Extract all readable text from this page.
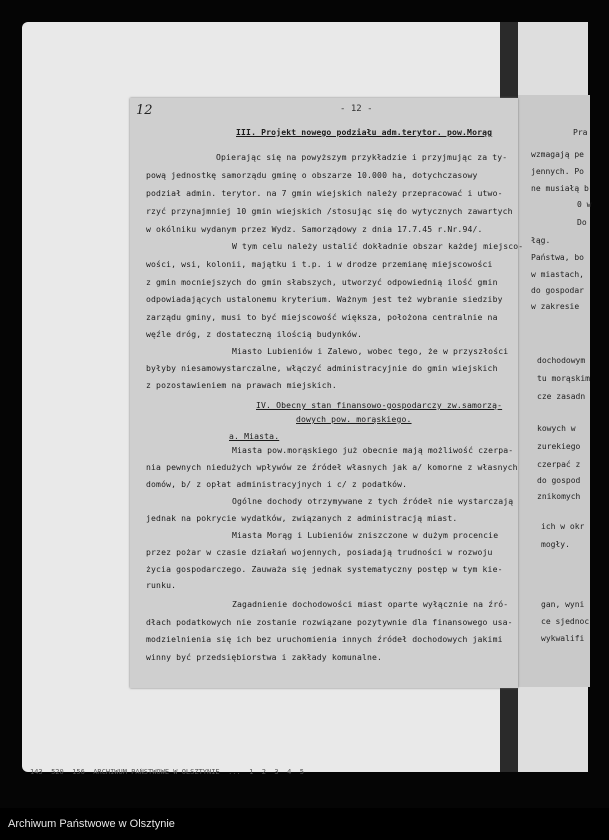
12	- 12 -
III. Projekt nowego podziału adm.terytor. pow.Morąg
Opierając się na powyższym przykładzie i przyjmując za ty-
pową jednostkę samorządu gminę o obszarze 10.000 ha, dotychczasowy
podział admin. terytor. na 7 gmin wiejskich należy przepracować i utwo-
rzyć przynajmniej 10 gmin wiejskich /stosując się do wytycznych zawartych
w okólniku wydanym przez Wydz. Samorządowy z dnia 17.7.45 r.Nr.94/.
W tym celu należy ustalić dokładnie obszar każdej miejsco-
wości, wsi, kolonii, majątku i t.p. i w drodze przemianę miejscowości
z gmin mocniejszych do gmin słabszych, utworzyć odpowiednią ilość gmin
odpowiadających ustalonemu kryterium. Ważnym jest też wybranie siedziby
zarządu gminy, musi to być miejscowość większa, położona centralnie na
węźle dróg, z dostateczną ilością budynków.
Miasto Lubieniów i Zalewo, wobec tego, że w przyszłości
byłyby niesamowystarczalne, włączyć administracyjnie do gmin wiejskich
z pozostawieniem na prawach miejskich.
IV. Obecny stan finansowo-gospodarczy zw.samorzą-
dowych pow. morąskiego.
a. Miasta.
Miasta pow.morąskiego już obecnie mają możliwość czerpa-
nia pewnych niedużych wpływów ze źródeł własnych jak a/ komorne z własnych
domów, b/ z opłat administracyjnych i c/ z podatków.
Ogólne dochody otrzymywane z tych źródeł nie wystarczają
jednak na pokrycie wydatków, związanych z administracją miast.
Miasta Morąg i Lubieniów zniszczone w dużym procencie
przez pożar w czasie działań wojennych, posiadają trudności w rozwoju
życia gospodarczego. Zauważa się jednak systematyczny postęp w tym kie-
runku.
Zagadnienie dochodowości miast oparte wyłącznie na źró-
dłach podatkowych nie zostanie rozwiązane pozytywnie dla finansowego usa-
modzielnienia się ich bez uruchomienia innych źródeł dochodowych jakimi
winny być przedsiębiorstwa i zakłady komunalne.
Pra
wzmagają pe
jennych. Po
ne musiałą b
0 w
Do
łąg.
Państwa, bo
w miastach,
do gospodar
w zakresie
dochodowym
tu morąskim
cze zasadn
kowych w
zurekiego
czerpać z
do gospod
znikomych
ich w okr
mogły.
gan, wyni
ce sjednoc
wykwalifi
143  520  156  ARCHIWUM PAŃSTWOWE W OLSZTYNIE  ...  1  2  3  4  5
Archiwum Państwowe w Olsztynie
